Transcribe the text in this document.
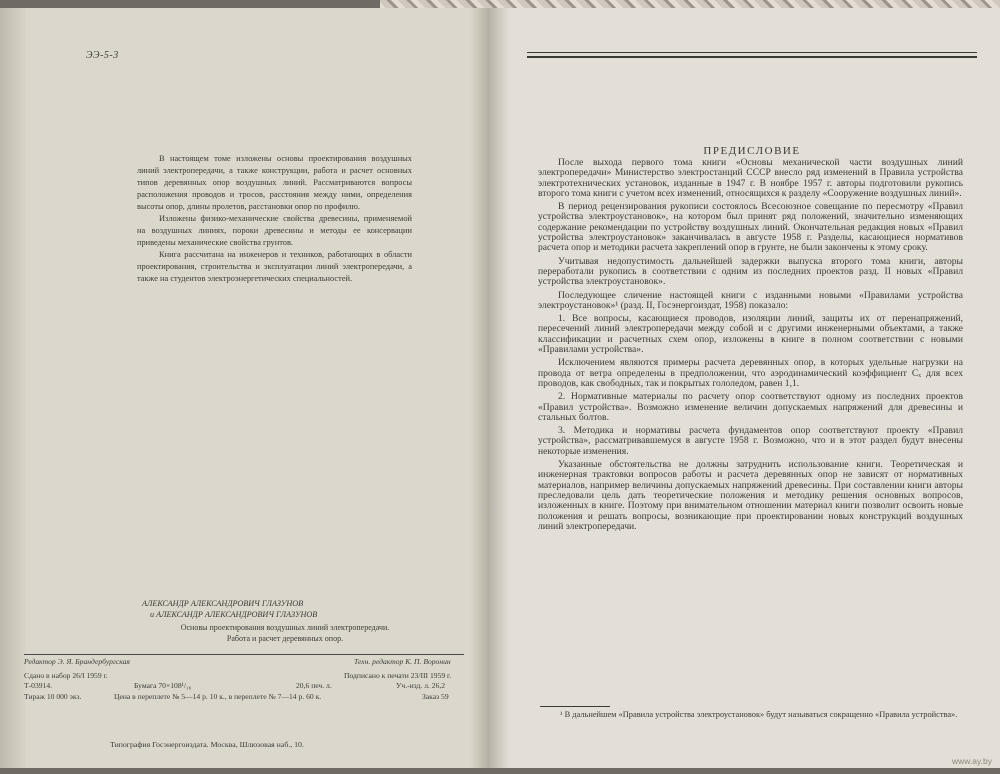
ЭЭ-5-3

В настоящем томе изложены основы проектирования воздушных линий электропередачи, а также конструкции, работа и расчет основных типов деревянных опор воздушных линий. Рассматриваются вопросы расположения проводов и тросов, расстояния между ними, определения высоты опор, длины пролетов, расстановки опор по профилю.

Изложены физико-механические свойства древесины, применяемой на воздушных линиях, пороки древесины и методы ее консервации приведены механические свойства грунтов.

Книга рассчитана на инженеров и техников, работающих в области проектирования, строительства и эксплуатации линий электропередачи, а также на студентов электроэнергетических специальностей.

АЛЕКСАНДР АЛЕКСАНДРОВИЧ ГЛАЗУНОВ
и АЛЕКСАНДР АЛЕКСАНДРОВИЧ ГЛАЗУНОВ
Основы проектирования воздушных линий электропередачи.
Работа и расчет деревянных опор.
Редактор Э. Я. Брандербургская	Техн. редактор К. П. Воронин
Сдано в набор 26/I 1959 г.	Подписано к печати 23/III 1959 г.
Т-03914.	Бумага 70×108¹/₁₆	20,6 печ. л.	Уч.-изд. л. 26,2
Тираж 10 000 экз.	Цена в переплете № 5—14 р. 10 к., в переплете № 7—14 р. 60 к.	Заказ 59
Типография Госэнергоиздата. Москва, Шлюзовая наб., 10.
ПРЕДИСЛОВИЕ

После выхода первого тома книги «Основы механической части воздушных линий электропередачи» Министерство электростанций СССР внесло ряд изменений в Правила устройства электротехнических установок, изданные в 1947 г. В ноябре 1957 г. авторы подготовили рукопись второго тома книги с учетом всех изменений, относящихся к разделу «Сооружение воздушных линий».

В период рецензирования рукописи состоялось Всесоюзное совещание по пересмотру «Правил устройства электроустановок», на котором был принят ряд положений, значительно изменяющих содержание рекомендации по устройству воздушных линий. Окончательная редакция новых «Правил устройства электроустановок» заканчивалась в августе 1958 г. Разделы, касающиеся нормативов расчета опор и методики расчета закреплений опор в грунте, не были закончены к этому сроку.

Учитывая недопустимость дальнейшей задержки выпуска второго тома книги, авторы переработали рукопись в соответствии с одним из последних проектов разд. II новых «Правил устройства электроустановок».

Последующее сличение настоящей книги с изданными новыми «Правилами устройства электроустановок»¹ (разд. II, Госэнергоиздат, 1958) показало:

1. Все вопросы, касающиеся проводов, изоляции линий, защиты их от перенапряжений, пересечений линий электропередачи между собой и с другими инженерными объектами, а также классификации и расчетных схем опор, изложены в книге в полном соответствии с новыми «Правилами устройства».

Исключением являются примеры расчета деревянных опор, в которых удельные нагрузки на провода от ветра определены в предположении, что аэродинамический коэффициент Cₓ для всех проводов, как свободных, так и покрытых гололедом, равен 1,1.

2. Нормативные материалы по расчету опор соответствуют одному из последних проектов «Правил устройства». Возможно изменение величин допускаемых напряжений для древесины и стальных болтов.

3. Методика и нормативы расчета фундаментов опор соответствуют проекту «Правил устройства», рассматривавшемуся в августе 1958 г. Возможно, что и в этот раздел будут внесены некоторые изменения.

Указанные обстоятельства не должны затруднить использование книги. Теоретическая и инженерная трактовки вопросов работы и расчета деревянных опор не зависят от нормативных материалов, например величины допускаемых напряжений древесины. При составлении книги авторы преследовали цель дать теоретические положения и методику решения основных вопросов, изложенных в книге. Поэтому при внимательном отношении материал книги позволит освоить новые положения и решать вопросы, возникающие при проектировании новых конструкций воздушных линий электропередачи.

¹ В дальнейшем «Правила устройства электроустановок» будут называться сокращенно «Правила устройства».

www.ay.by
